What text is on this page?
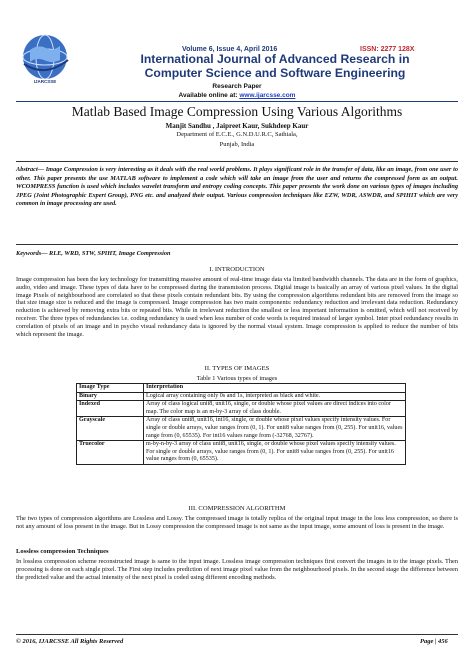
IJARCSSE
Volume 6, Issue 4, April 2016	ISSN: 2277 128X
International Journal of Advanced Research in
Computer Science and Software Engineering
Research Paper
Available online at: www.ijarcsse.com
Matlab Based Image Compression Using Various Algorithms
Manjit Sandhu , Jaipreet Kaur, Sukhdeep Kaur
Department of E.C.E., G.N.D.U.R.C, Sathiala,
Punjab, India
Abstract— Image Compression is very interesting as it deals with the real world problems. It plays significant role in the transfer of data, like an image, from one user to other. This paper presents the use MATLAB software to implement a code which will take an image from the user and returns the compressed form as an output. WCOMPRESS function is used which includes wavelet transform and entropy coding concepts. This paper presents the work done on various types of images including JPEG (Joint Photographic Expert Group), PNG etc. and analyzed their output. Various compression techniques like EZW, WDR, ASWDR, and SPIHIT which are very common in image processing are used.
Keywords— RLE, WRD, STW, SPIHT, Image Compression
I. INTRODUCTION
Image compression has been the key technology for transmitting massive amount of real-time image data via limited bandwidth channels. The data are in the form of graphics, audio, video and image. These types of data have to be compressed during the transmission process. Digital image is basically an array of various pixel values. In the digital image Pixels of neighbourhood are correlated so that these pixels contain redundant bits. By using the compression algorithms redundant bits are removed from the image so that size image size is reduced and the image is compressed. Image compression has two main components: redundancy reduction and irrelevant data reduction. Redundancy reduction is achieved by removing extra bits or repeated bits. While in irrelevant reduction the smallest or less important information is omitted, which will not received by receiver. The three types of redundancies i.e. coding redundancy is used when less number of code words is required instead of larger symbol. Inter pixel redundancy results in correlation of pixels of an image and in psycho visual redundancy data is ignored by the normal visual system. Image compression is applied to reduce the number of bits which represent the image.
II. TYPES OF IMAGES
Table 1 Various types of images
Image Type	Interpretation
Binary	Logical array containing only 0s and 1s, interpreted as black and white.
Indexed	Array of class logical unit8, unit16, single, or double whose pixel values are direct indices into color map. The color map is an m-by-3 array of class double.
Grayscale	Array of class unit8, unit16, int16, single, or double whose pixel values specify intensity values. For single or double arrays, value ranges from (0, 1). For unit8 value ranges from (0, 255). For unit16, values range from (0, 65535). For int16 values range from (-32768, 32767).
Truecolor	m-by-n-by-3 array of class unit8, unit16, single, or double whose pixel values specify intensity values. For single or double arrays, value ranges from (0, 1). For unit8 value ranges from (0, 255). For unit16 value ranges from (0, 65535).
III. COMPRESSION ALGORITHM
The two types of compression algorithms are Lossless and Lossy. The compressed image is totally replica of the original input image in the loss less compression, so there is not any amount of loss present in the image. But in Lossy compression the compressed image is not same as the input image, some amount of loss is present in the image.
Lossless compression Techniques
In lossless compression scheme reconstructed image is same to the input image. Lossless image compression techniques first convert the images in to the image pixels. Then processing is done on each single pixel. The First step includes prediction of next image pixel value from the neighbourhood pixels. In the second stage the difference between the predicted value and the actual intensity of the next pixel is coded using different encoding methods.
© 2016, IJARCSSE All Rights Reserved	Page | 456
